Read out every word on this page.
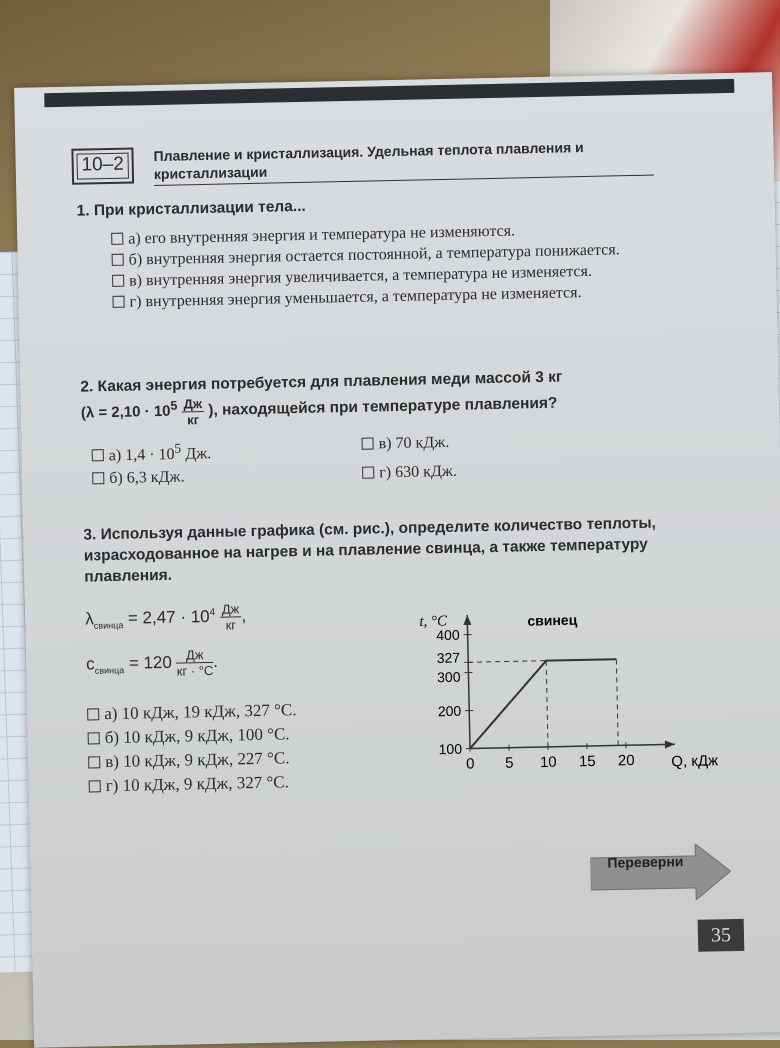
10–2
Плавление и кристаллизация. Удельная теплота плавления и кристаллизации
1. При кристаллизации тела...
а) его внутренняя энергия и температура не изменяются.
б) внутренняя энергия остается постоянной, а температура понижается.
в) внутренняя энергия увеличивается, а температура не изменяется.
г) внутренняя энергия уменьшается, а температура не изменяется.
2. Какая энергия потребуется для плавления меди массой 3 кг
($\lambda = 2,10 \cdot 10^5 \frac{Дж}{кг}$ ), находящейся при температуре плавления?
а) $1,4 \cdot 10^5$ Дж.
в) 70 кДж.
б) 6,3 кДж.	г) 630 кДж.
3. Используя данные графика (см. рис.), определите количество теплоты, израсходованное на нагрев и на плавление свинца, а также температуру плавления.
$\lambda_{свинца} = 2,47 \cdot 10^4 \frac{Дж}{кг}$ ,
$c_{свинца} = 120 \frac{Дж}{кг \cdot ^\circ С}$ .
а) 10 кДж, 19 кДж, 327 °С.
б) 10 кДж, 9 кДж, 100 °С.
в) 10 кДж, 9 кДж, 227 °С.
г) 10 кДж, 9 кДж, 327 °С.
t, °С
Q, кДж
свинец
0 5 10 15 20
100
200
300
327
400
Переверни
35
